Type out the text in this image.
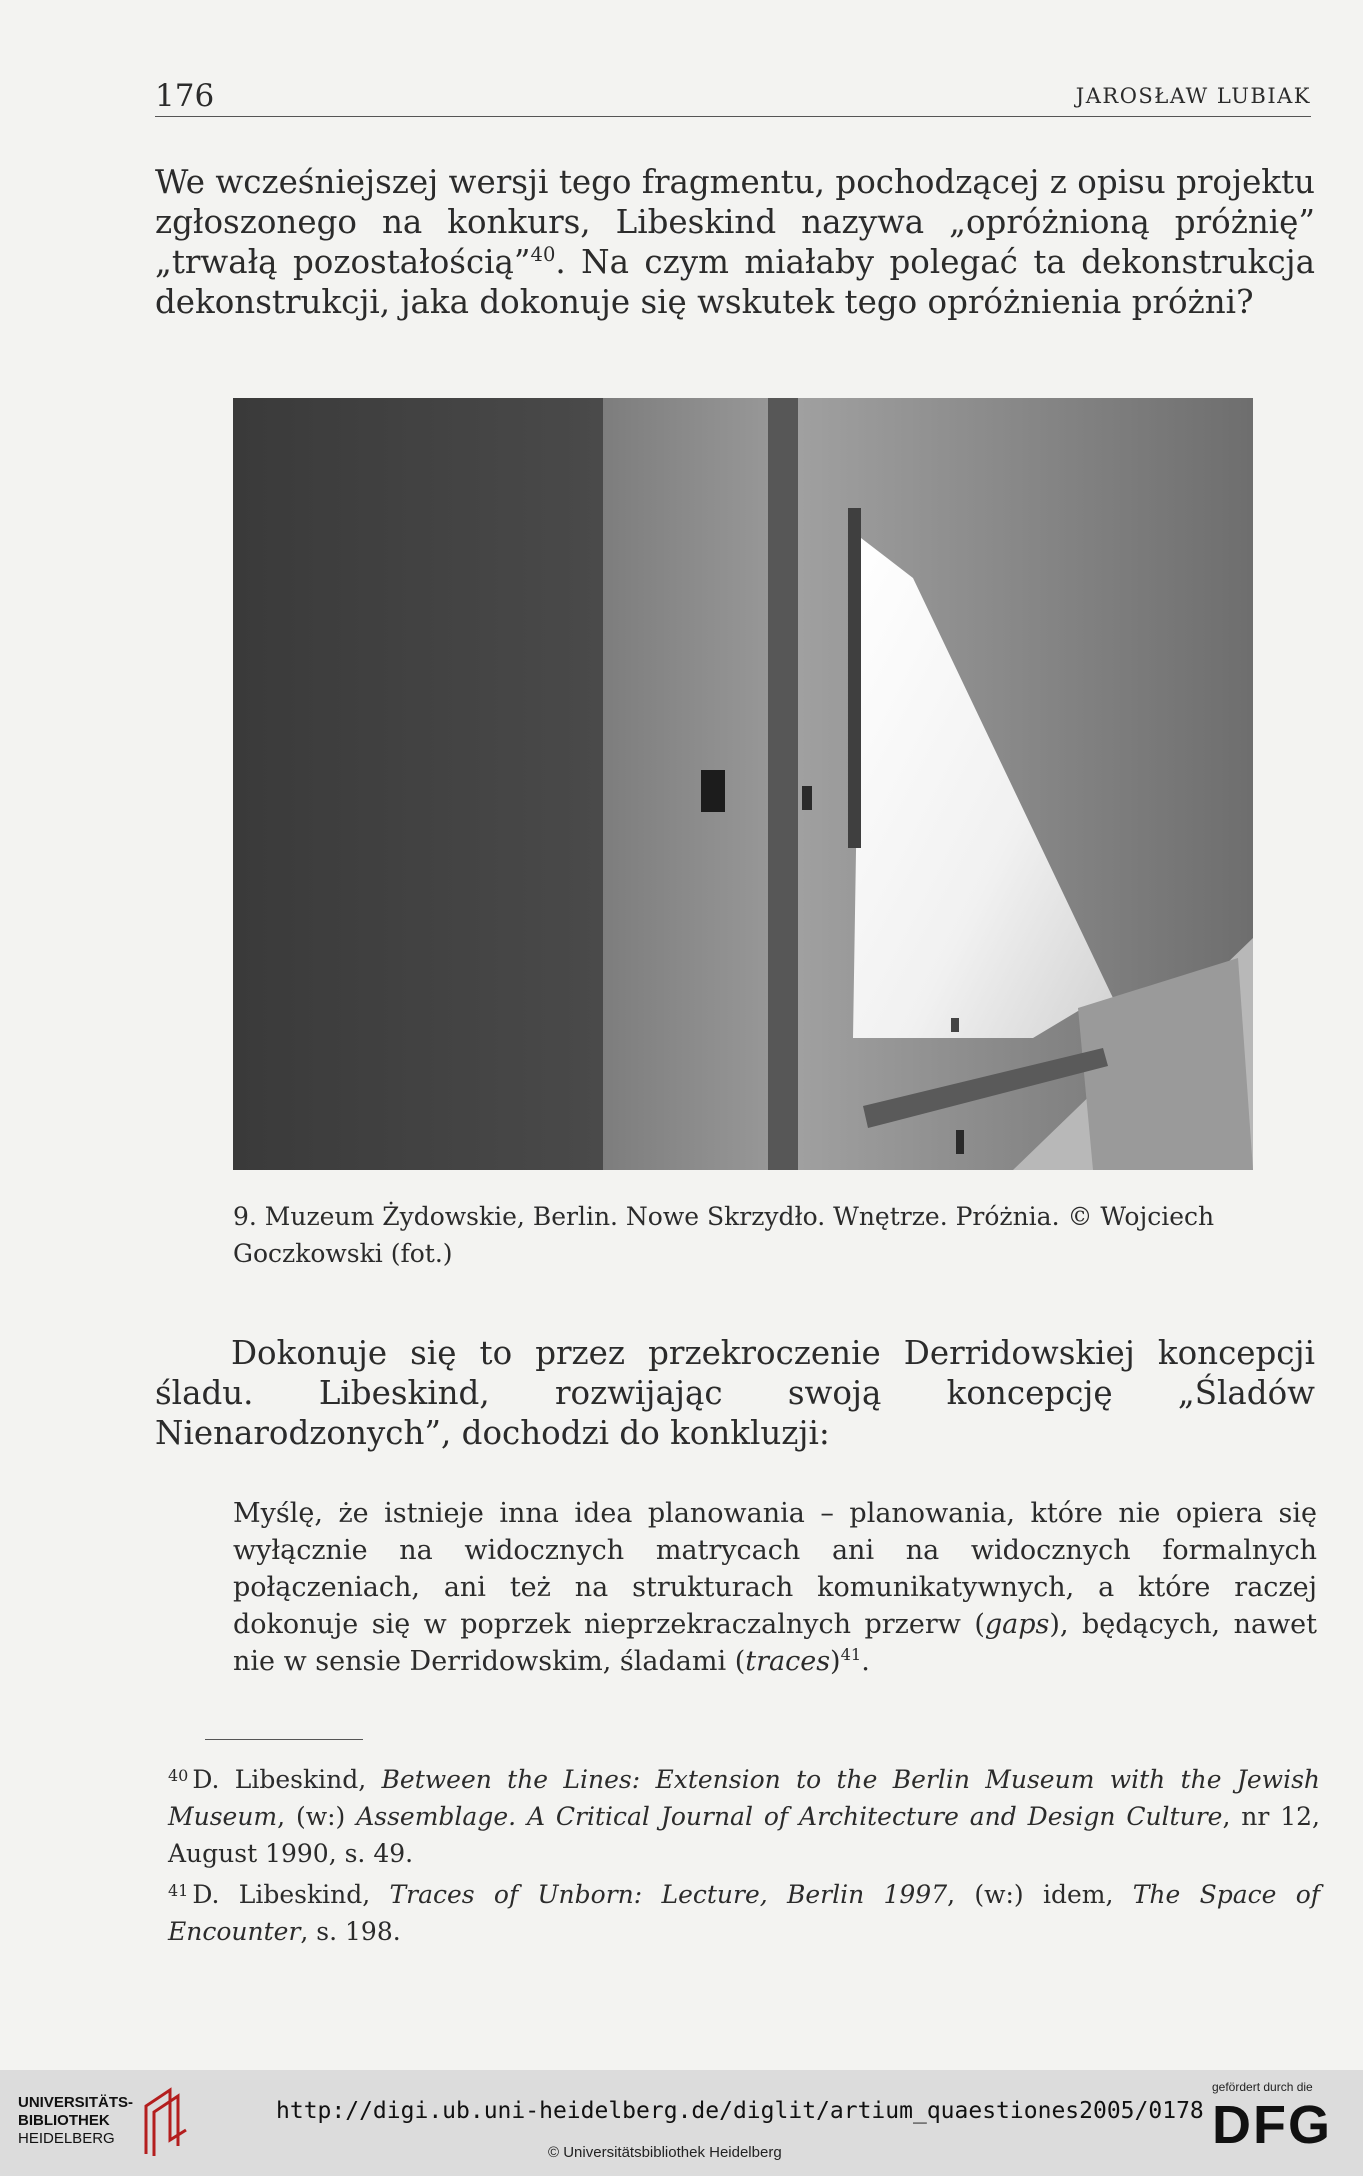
176	JAROSŁAW LUBIAK

We wcześniejszej wersji tego fragmentu, pochodzącej z opisu projektu zgłoszonego na konkurs, Libeskind nazywa „opróżnioną próżnię” „trwałą pozostałością”$^{40}$. Na czym miałaby polegać ta dekonstrukcja dekonstrukcji, jaka dokonuje się wskutek tego opróżnienia próżni?

9. Muzeum Żydowskie, Berlin. Nowe Skrzydło. Wnętrze. Próżnia. © Wojciech Goczkowski (fot.)

Dokonuje się to przez przekroczenie Derridowskiej koncepcji śladu. Libeskind, rozwijając swoją koncepcję „Śladów Nienarodzonych”, dochodzi do konkluzji:

Myślę, że istnieje inna idea planowania – planowania, które nie opiera się wyłącznie na widocznych matrycach ani na widocznych formalnych połączeniach, ani też na strukturach komunikatywnych, a które raczej dokonuje się w poprzek nieprzekraczalnych przerw (gaps), będących, nawet nie w sensie Derridowskim, śladami (traces)$^{41}$.

$^{40}$ D. Libeskind, Between the Lines: Extension to the Berlin Museum with the Jewish Museum, (w:) Assemblage. A Critical Journal of Architecture and Design Culture, nr 12, August 1990, s. 49.

$^{41}$ D. Libeskind, Traces of Unborn: Lecture, Berlin 1997, (w:) idem, The Space of Encounter, s. 198.

UNIVERSITÄTS-
BIBLIOTHEK
HEIDELBERG
http://digi.ub.uni-heidelberg.de/diglit/artium_quaestiones2005/0178
© Universitätsbibliothek Heidelberg
gefördert durch die
DFG
